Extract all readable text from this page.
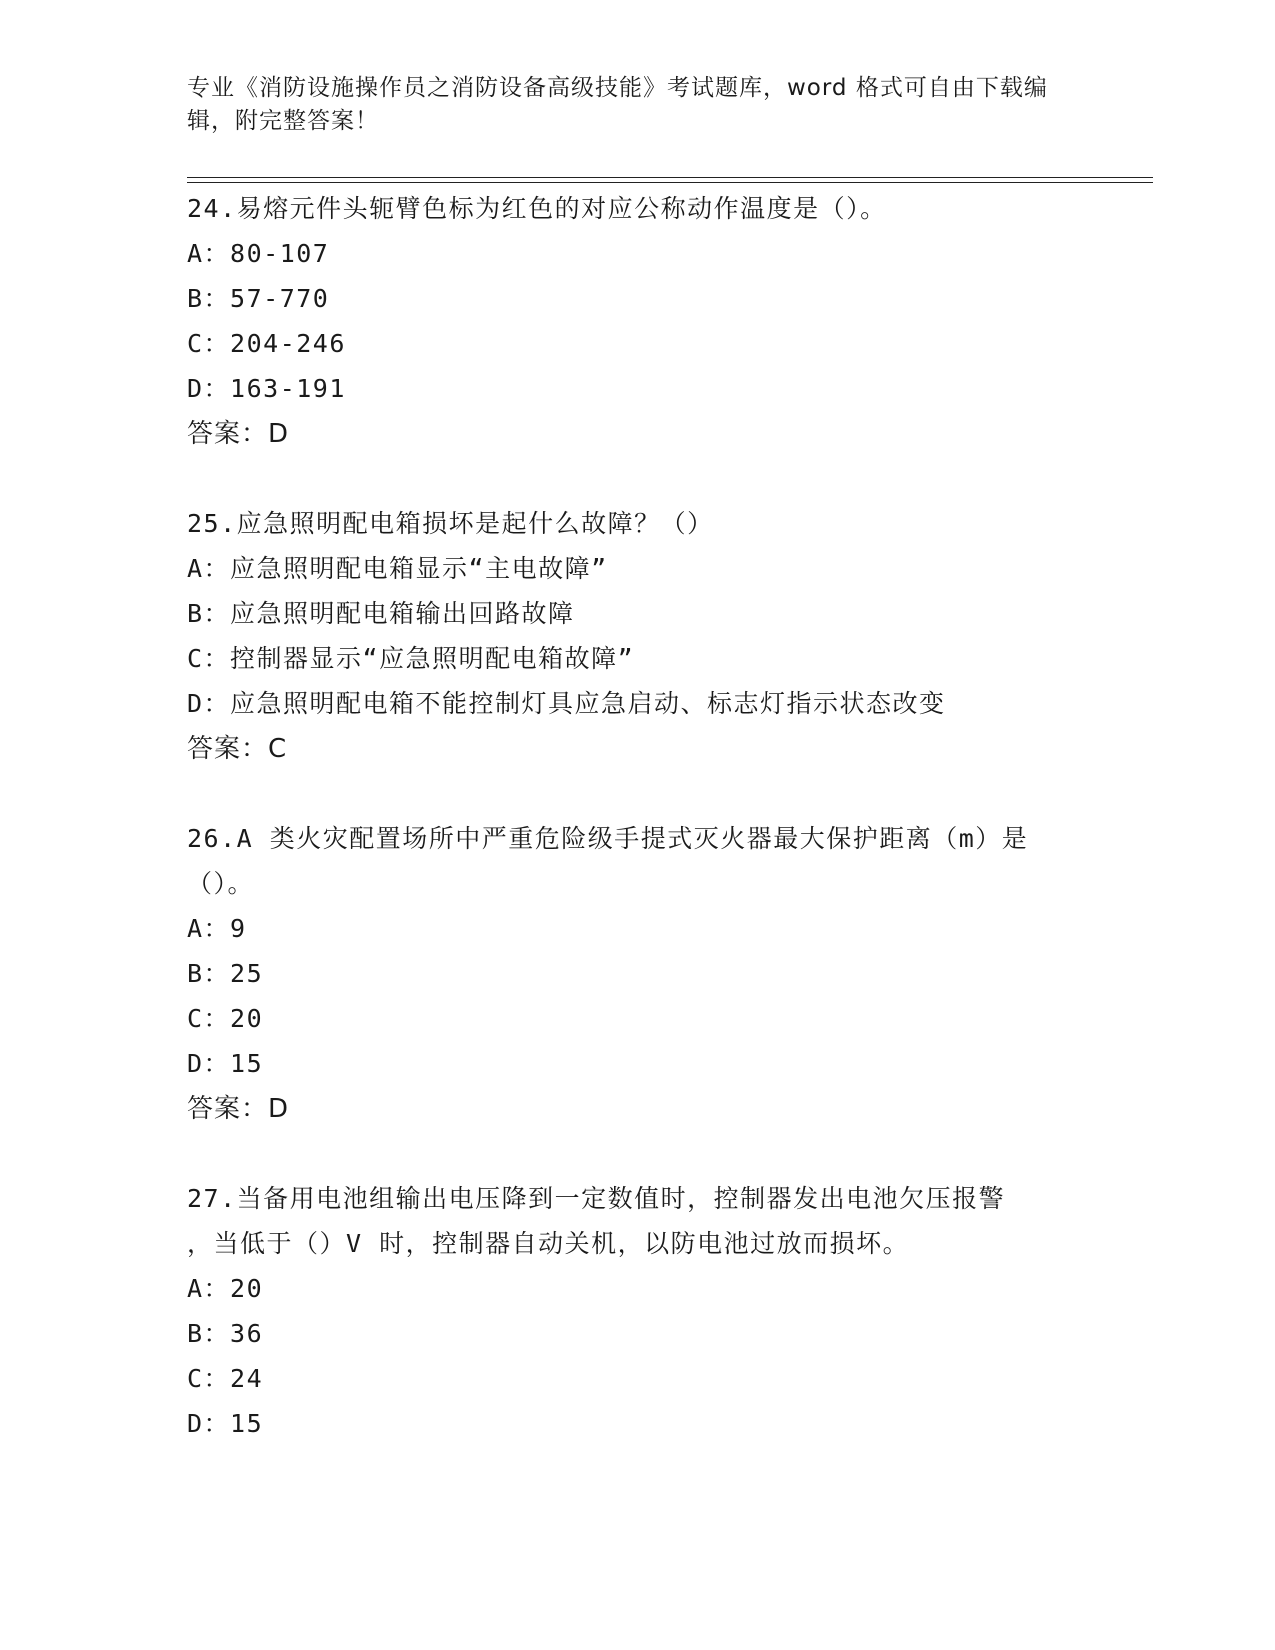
专业《消防设施操作员之消防设备高级技能》考试题库，word 格式可自由下载编
辑，附完整答案！
24.易熔元件头轭臂色标为红色的对应公称动作温度是（）。
A：80-107
B：57-770
C：204-246
D：163-191
答案：D
25.应急照明配电箱损坏是起什么故障？（）
A：应急照明配电箱显示“主电故障”
B：应急照明配电箱输出回路故障
C：控制器显示“应急照明配电箱故障”
D：应急照明配电箱不能控制灯具应急启动、标志灯指示状态改变
答案：C
26.A 类火灾配置场所中严重危险级手提式灭火器最大保护距离（m）是
（）。
A：9
B：25
C：20
D：15
答案：D
27.当备用电池组输出电压降到一定数值时，控制器发出电池欠压报警
，当低于（）V 时，控制器自动关机，以防电池过放而损坏。
A：20
B：36
C：24
D：15
